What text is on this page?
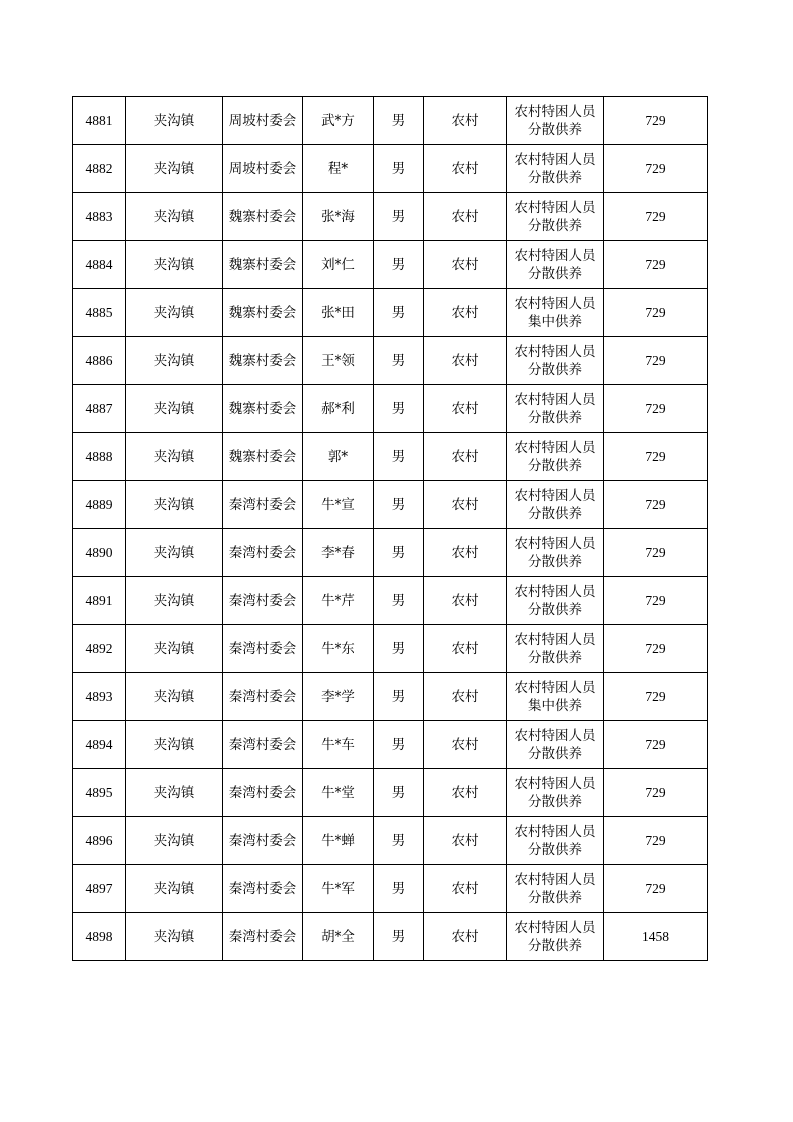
4881	夹沟镇	周坡村委会	武*方	男	农村	农村特困人员分散供养	729
4882	夹沟镇	周坡村委会	程*	男	农村	农村特困人员分散供养	729
4883	夹沟镇	魏寨村委会	张*海	男	农村	农村特困人员分散供养	729
4884	夹沟镇	魏寨村委会	刘*仁	男	农村	农村特困人员分散供养	729
4885	夹沟镇	魏寨村委会	张*田	男	农村	农村特困人员集中供养	729
4886	夹沟镇	魏寨村委会	王*领	男	农村	农村特困人员分散供养	729
4887	夹沟镇	魏寨村委会	郝*利	男	农村	农村特困人员分散供养	729
4888	夹沟镇	魏寨村委会	郭*	男	农村	农村特困人员分散供养	729
4889	夹沟镇	秦湾村委会	牛*宣	男	农村	农村特困人员分散供养	729
4890	夹沟镇	秦湾村委会	李*春	男	农村	农村特困人员分散供养	729
4891	夹沟镇	秦湾村委会	牛*芹	男	农村	农村特困人员分散供养	729
4892	夹沟镇	秦湾村委会	牛*东	男	农村	农村特困人员分散供养	729
4893	夹沟镇	秦湾村委会	李*学	男	农村	农村特困人员集中供养	729
4894	夹沟镇	秦湾村委会	牛*车	男	农村	农村特困人员分散供养	729
4895	夹沟镇	秦湾村委会	牛*堂	男	农村	农村特困人员分散供养	729
4896	夹沟镇	秦湾村委会	牛*蝉	男	农村	农村特困人员分散供养	729
4897	夹沟镇	秦湾村委会	牛*军	男	农村	农村特困人员分散供养	729
4898	夹沟镇	秦湾村委会	胡*全	男	农村	农村特困人员分散供养	1458
